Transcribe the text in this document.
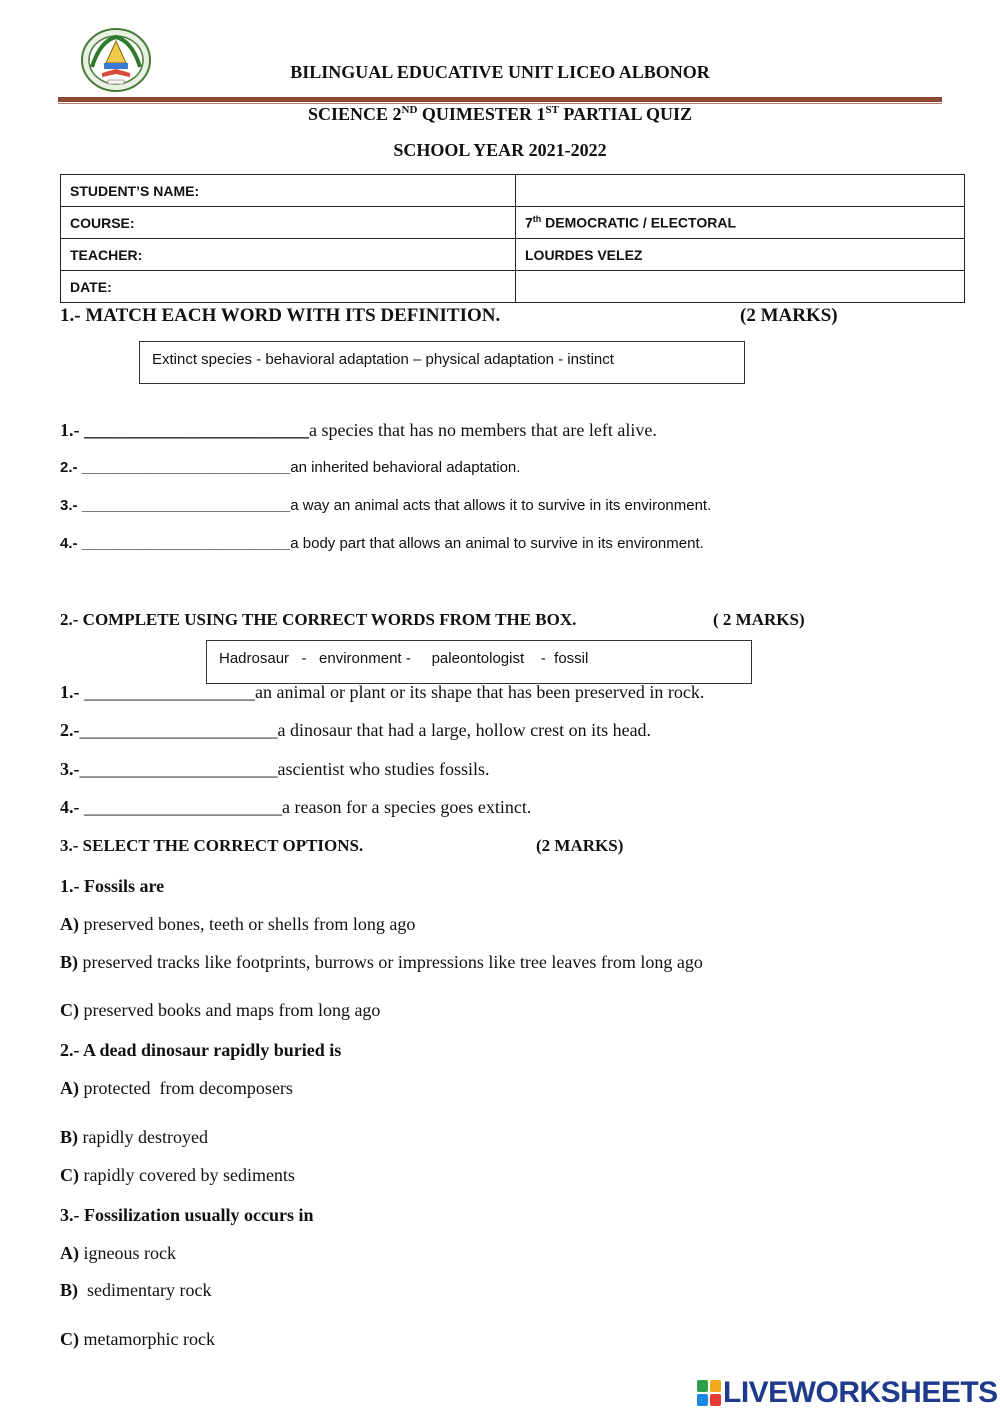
BILINGUAL EDUCATIVE UNIT LICEO ALBONOR
SCIENCE 2ND QUIMESTER 1ST PARTIAL QUIZ
SCHOOL YEAR 2021-2022
STUDENT’S NAME:	
COURSE:	7th DEMOCRATIC / ELECTORAL
TEACHER:	LOURDES VELEZ
DATE:	
1.- MATCH EACH WORD WITH ITS DEFINITION.	(2 MARKS)
Extinct species - behavioral adaptation – physical adaptation - instinct
1.- _________________________a species that has no members that are left alive.
2.- _________________________an inherited behavioral adaptation.
3.- _________________________a way an animal acts that allows it to survive in its environment.
4.- _________________________a body part that allows an animal to survive in its environment.
2.- COMPLETE USING THE CORRECT WORDS FROM THE BOX.	( 2 MARKS)
Hadrosaur   -   environment -     paleontologist    -  fossil
1.- ___________________an animal or plant or its shape that has been preserved in rock.
2.-______________________a dinosaur that had a large, hollow crest on its head.
3.-______________________ascientist who studies fossils.
4.- ______________________a reason for a species goes extinct.
3.- SELECT THE CORRECT OPTIONS.	(2 MARKS)
1.- Fossils are
A) preserved bones, teeth or shells from long ago
B) preserved tracks like footprints, burrows or impressions like tree leaves from long ago
C) preserved books and maps from long ago
2.- A dead dinosaur rapidly buried is
A) protected  from decomposers
B) rapidly destroyed
C) rapidly covered by sediments
3.- Fossilization usually occurs in
A) igneous rock
B)  sedimentary rock
C) metamorphic rock
LIVEWORKSHEETS
